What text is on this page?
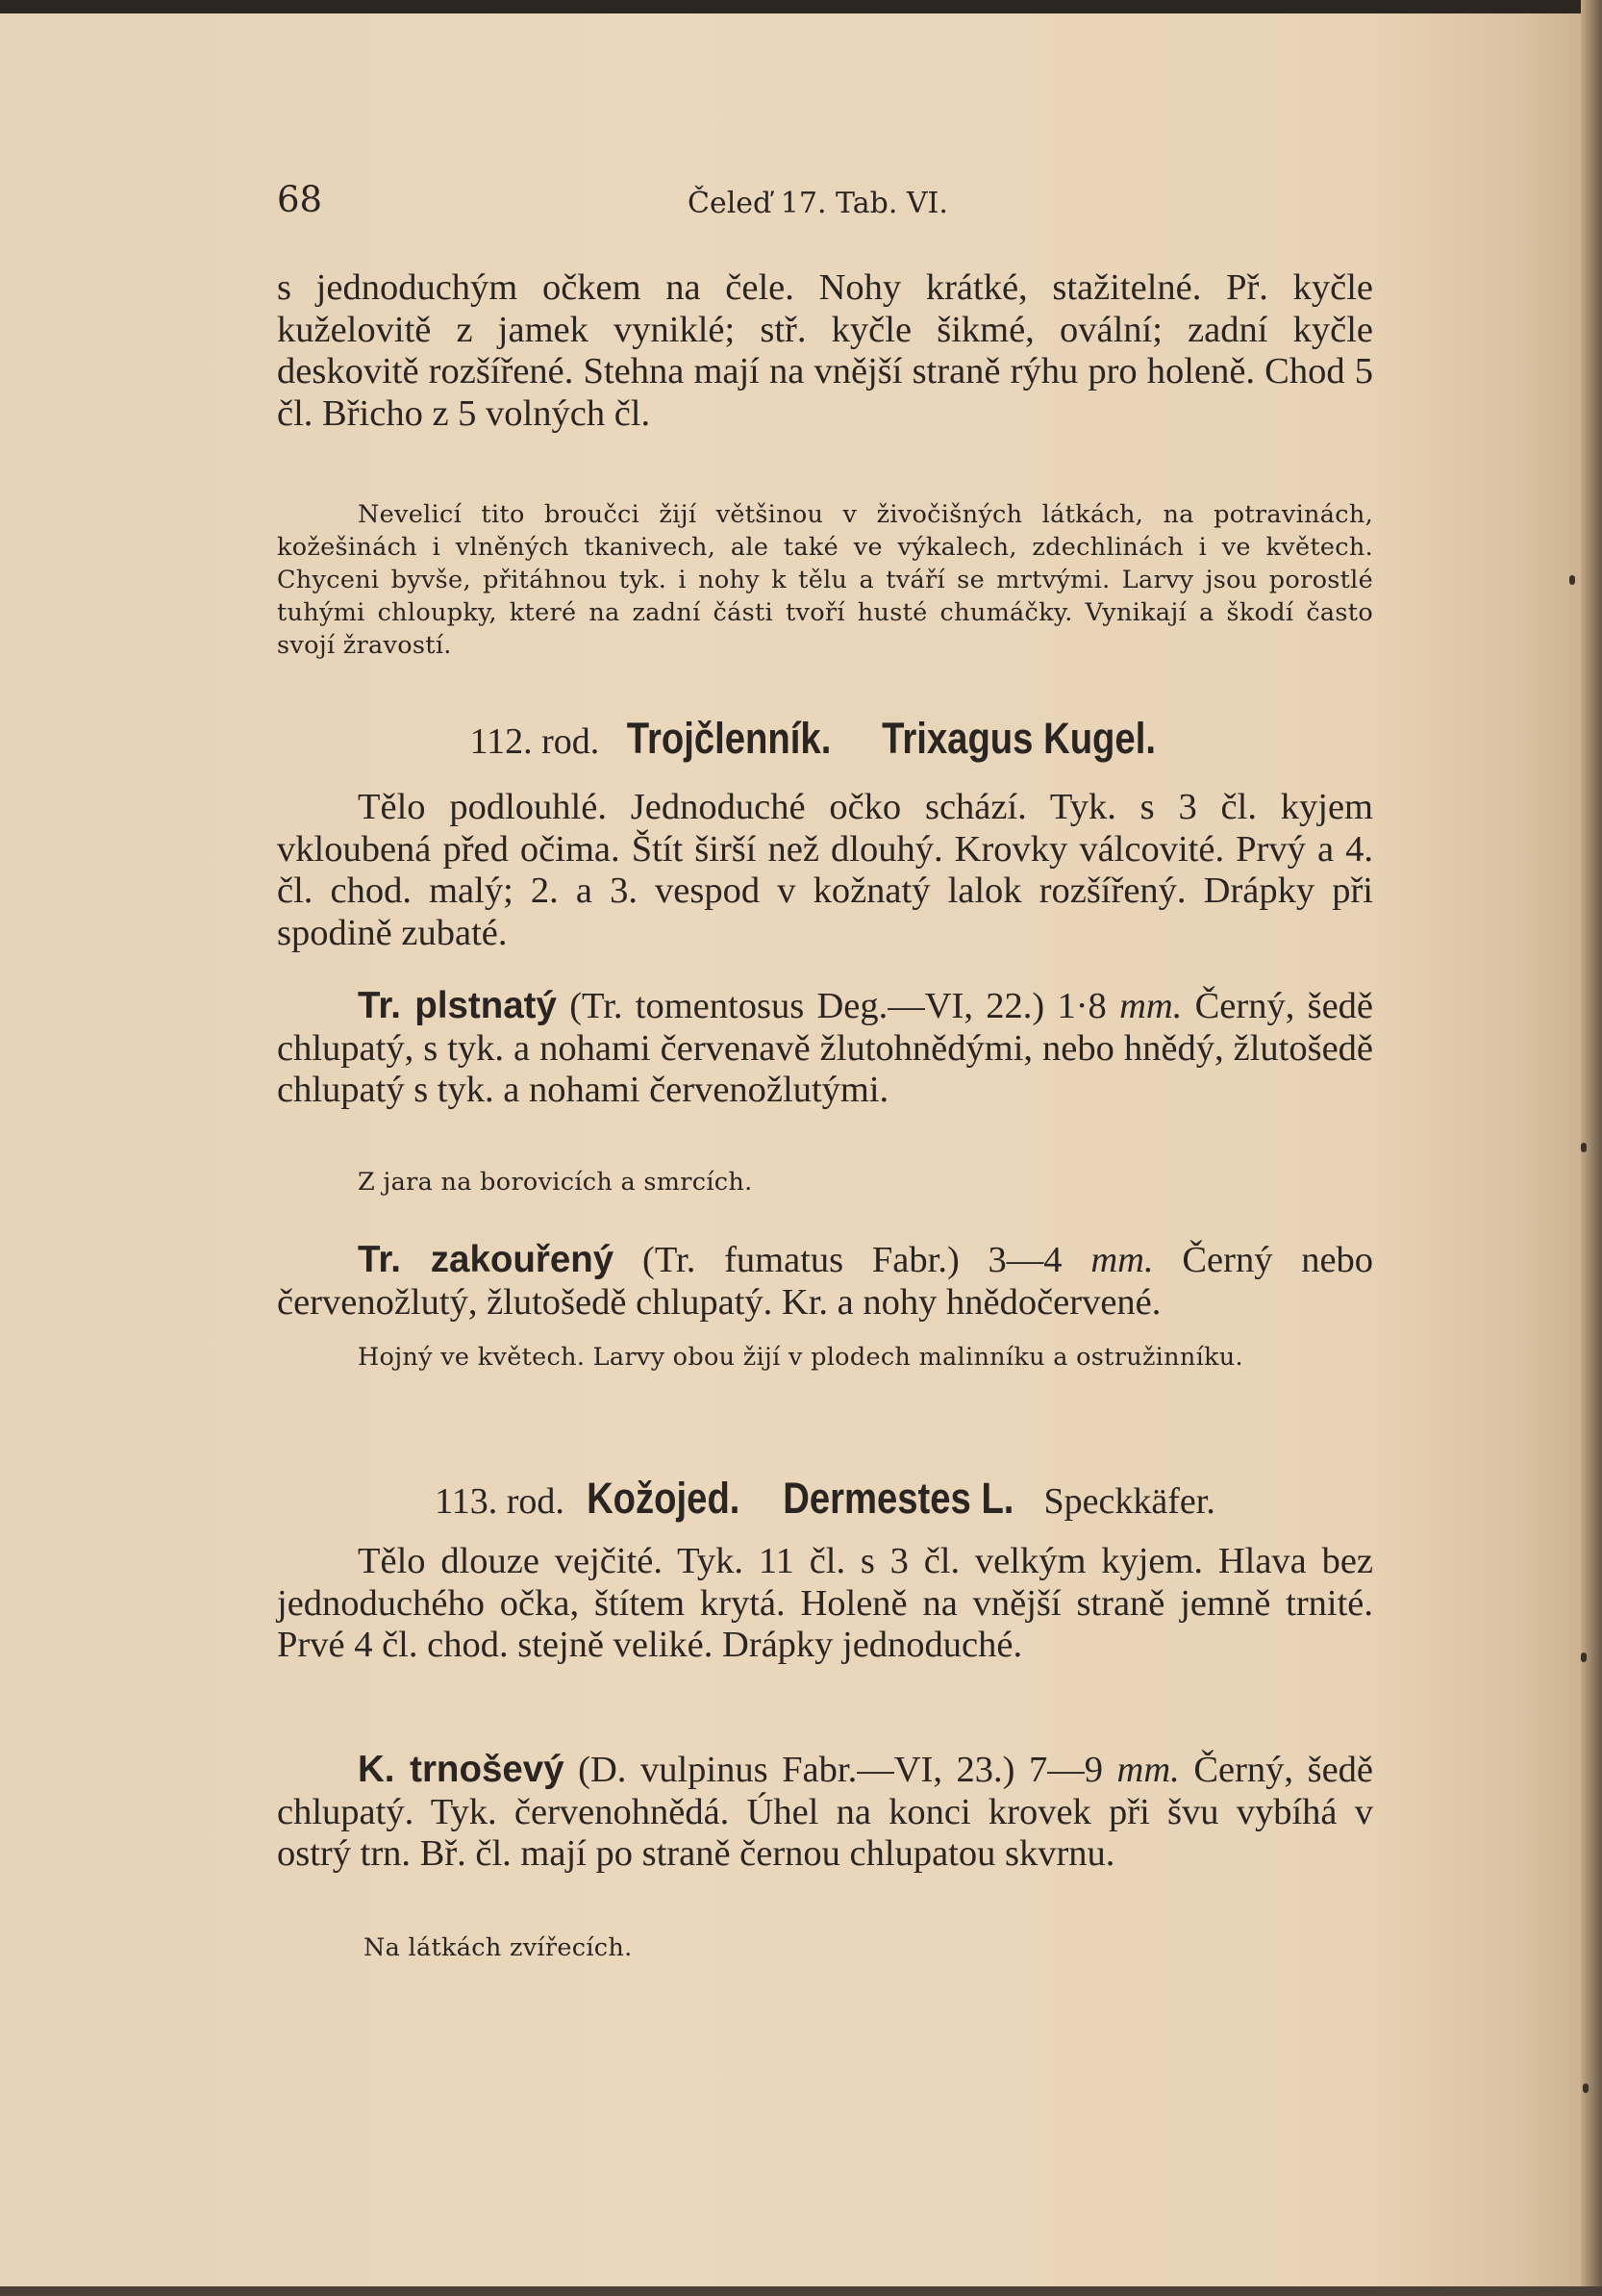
68	Čeleď 17. Tab. VI.

s jednoduchým očkem na čele. Nohy krátké, stažitelné. Př. kyčle kuželovitě z jamek vyniklé; stř. kyčle šikmé, ovální; zadní kyčle deskovitě rozšířené. Stehna mají na vnější straně rýhu pro holeně. Chod 5 čl. Břicho z 5 volných čl.

Nevelicí tito broučci žijí většinou v živočišných látkách, na potravinách, kožešinách i vlněných tkanivech, ale také ve výkalech, zdechlinách i ve květech. Chyceni byvše, přitáhnou tyk. i nohy k tělu a tváří se mrtvými. Larvy jsou porostlé tuhými chloupky, které na zadní části tvoří husté chumáčky. Vynikají a škodí často svojí žravostí.

112. rod. Trojčlenník. Trixagus Kugel.

Tělo podlouhlé. Jednoduché očko schází. Tyk. s 3 čl. kyjem vkloubená před očima. Štít širší než dlouhý. Krovky válcovité. Prvý a 4. čl. chod. malý; 2. a 3. vespod v kožnatý lalok rozšířený. Drápky při spodině zubaté.

Tr. plstnatý (Tr. tomentosus Deg.—VI, 22.) 1·8 mm. Černý, šedě chlupatý, s tyk. a nohami červenavě žlutohnědými, nebo hnědý, žlutošedě chlupatý s tyk. a nohami červenožlutými.

Z jara na borovicích a smrcích.

Tr. zakouřený (Tr. fumatus Fabr.) 3—4 mm. Černý nebo červenožlutý, žlutošedě chlupatý. Kr. a nohy hnědočervené.

Hojný ve květech. Larvy obou žijí v plodech malinníku a ostružinníku.

113. rod. Kožojed. Dermestes L. Speckkäfer.

Tělo dlouze vejčité. Tyk. 11 čl. s 3 čl. velkým kyjem. Hlava bez jednoduchého očka, štítem krytá. Holeně na vnější straně jemně trnité. Prvé 4 čl. chod. stejně veliké. Drápky jednoduché.

K. trnoševý (D. vulpinus Fabr.—VI, 23.) 7—9 mm. Černý, šedě chlupatý. Tyk. červenohnědá. Úhel na konci krovek při švu vybíhá v ostrý trn. Bř. čl. mají po straně černou chlupatou skvrnu.

Na látkách zvířecích.
